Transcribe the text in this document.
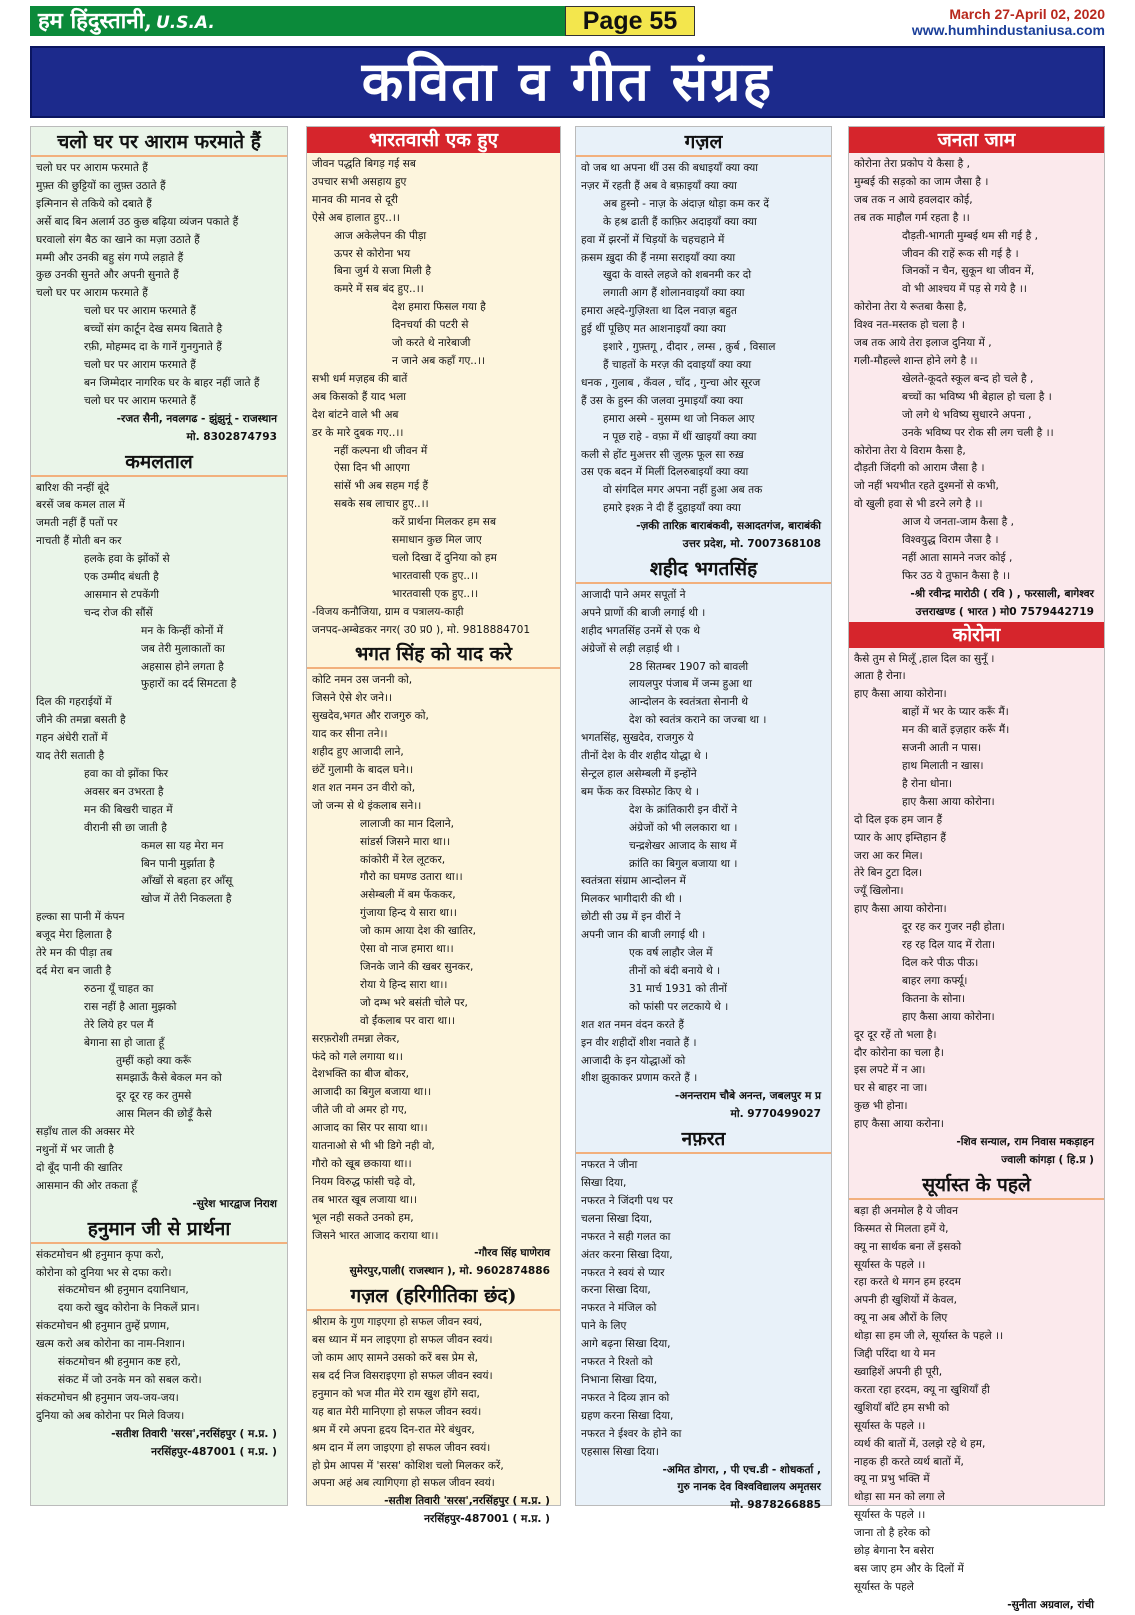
हम हिंदुस्तानी, U.S.A.	Page 55	March 27-April 02, 2020
www.humhindustaniusa.com
कविता व गीत संग्रह
चलो घर पर आराम फरमाते हैं
चलो घर पर आराम फरमाते हैं
मुफ़्त की छुट्टियों का लुफ़्त उठाते हैं
इत्मिनान से तकिये को दबाते हैं
अर्से बाद बिन अलार्म उठ कुछ बढ़िया व्यंजन पकाते हैं
घरवालो संग बैठ का खाने का मज़ा उठाते हैं
मम्मी और उनकी बहु संग गप्पे लड़ाते हैं
कुछ उनकी सुनते और अपनी सुनाते हैं
चलो घर पर आराम फरमाते हैं
चलो घर पर आराम फरमाते हैं
बच्चों संग कार्टून देख समय बिताते है
रफ़ी, मोहम्मद दा के गानें गुनगुनाते हैं
चलो घर पर आराम फरमाते हैं
बन जिम्मेदार नागरिक घर के बाहर नहीं जाते हैं
चलो घर पर आराम फरमाते हैं
-रजत सैनी, नवलगढ - झुंझुनूं - राजस्थान
मो. 8302874793
कमलताल
बारिश की नन्हीं बूंदे
बरसें जब कमल ताल में
जमती नहीं हैं पतों पर
नाचती हैं मोती बन कर
हलके हवा के झोंकों से
एक उम्मीद बंधती है
आसमान से टपकेंगी
चन्द रोज की सौंसें
मन के किन्हीं कोनों में
जब तेरी मुलाकातों का
अहसास होने लगता है
फुहारों का दर्द सिमटता है
दिल की गहराईयों में
जीने की तमन्ना बसती है
गहन अंधेरी रातों में
याद तेरी सताती है
हवा का वो झोंका फिर
अवसर बन उभरता है
मन की बिखरी चाहत में
वीरानी सी छा जाती है
कमल सा यह मेरा मन
बिन पानी मुर्झाता है
आँखों से बहता हर आँसू
खोज में तेरी निकलता है
हल्का सा पानी में कंपन
बजूद मेरा हिलाता है
तेरे मन की पीड़ा तब
दर्द मेरा बन जाती है
रुठना यूँ चाहत का
रास नहीं है आता मुझको
तेरे लिये हर पल मैं
बेगाना सा हो जाता हूँ
तुम्हीं कहो क्या करूँ
समझाऊँ कैसे बेकल मन को
दूर दूर रह कर तुमसे
आस मिलन की छोड़ूँ कैसे
सड़ाँध ताल की अक्सर मेरे
नथुनों में भर जाती है
दो बूँद पानी की खातिर
आसमान की ओर तकता हूँ
-सुरेश भारद्वाज निराश
हनुमान जी से प्रार्थना
संकटमोचन श्री हनुमान कृपा करो,
कोरोना को दुनिया भर से दफा करो।
संकटमोचन श्री हनुमान दयानिधान,
दया करो खुद कोरोना के निकलें प्रान।
संकटमोचन श्री हनुमान तुम्हें प्रणाम,
खत्म करो अब कोरोना का नाम-निशान।
संकटमोचन श्री हनुमान कष्ट हरो,
संकट में जो उनके मन को सबल करो।
संकटमोचन श्री हनुमान जय-जय-जय।
दुनिया को अब कोरोना पर मिले विजय।
-सतीश तिवारी 'सरस',नरसिंहपुर ( म.प्र. )
नरसिंहपुर-487001 ( म.प्र. )
भारतवासी एक हुए
जीवन पद्धति बिगड़ गई सब
उपचार सभी असहाय हुए
मानव की मानव से दूरी
ऐसे अब हालात हुए..।।
आज अकेलेपन की पीड़ा
ऊपर से कोरोना भय
बिना जुर्म ये सजा मिली है
कमरे में सब बंद हुए..।।
देश हमारा फिसल गया है
दिनचर्या की पटरी से
जो करते थे नारेबाजी
न जाने अब कहाँ गए..।।
सभी धर्म मज़हब की बातें
अब किसको हैं याद भला
देश बांटने वाले भी अब
डर के मारे दुबक गए..।।
नहीं कल्पना थी जीवन में
ऐसा दिन भी आएगा
सांसें भी अब सहम गई हैं
सबके सब लाचार हुए..।।
करें प्रार्थना मिलकर हम सब
समाधान कुछ मिल जाए
चलो दिखा दें दुनिया को हम
भारतवासी एक हुए..।।
भारतवासी एक हुए..।।
-विजय कनौजिया, ग्राम व पत्रालय-काही
जनपद-अम्बेडकर नगर( उ0 प्र0 ), मो. 9818884701
भगत सिंह को याद करे
कोटि नमन उस जननी को,
जिसने ऐसे शेर जने।।
सुखदेव,भगत और राजगुरु को,
याद कर सीना तने।।
शहीद हुए आजादी लाने,
छंटें गुलामी के बादल घने।।
शत शत नमन उन वीरो को,
जो जन्म से थे इंकलाब सने।।
लालाजी का मान दिलाने,
सांडर्स जिसने मारा था।।
कांकोरी में रेल लूटकर,
गौरो का घमण्ड उतारा था।।
असेम्बली में बम फेंककर,
गुंजाया हिन्द ये सारा था।।
जो काम आया देश की खातिर,
ऐसा वो नाज हमारा था।।
जिनके जाने की खबर सुनकर,
रोया ये हिन्द सारा था।।
जो दम्भ भरे बसंती चोले पर,
वो ईंकलाब पर वारा था।।
सरफ़रोशी तमन्ना लेकर,
फंदे को गले लगाया थ।।
देशभक्ति का बीज बोकर,
आजादी का बिगुल बजाया था।।
जीते जी वो अमर हो गए,
आजाद का सिर पर साया था।।
यातनाओ से भी भी डिगे नही वो,
गौरो को खूब छकाया था।।
नियम विरुद्ध फांसी चढ़े वो,
तब भारत खूब लजाया था।।
भूल नही सकते उनको हम,
जिसने भारत आजाद कराया था।।
-गौरव सिंह घाणेराव
सुमेरपुर,पाली( राजस्थान ), मो. 9602874886
गज़ल (हरिगीतिका छंद)
श्रीराम के गुण गाइएगा हो सफल जीवन स्वयं,
बस ध्यान में मन लाइएगा हो सफल जीवन स्वयं।
जो काम आए सामने उसको करें बस प्रेम से,
सब दर्द निज विसराइएगा हो सफल जीवन स्वयं।
हनुमान को भज मीत मेरे राम खुश होंगे सदा,
यह बात मेरी मानिएगा हो सफल जीवन स्वयं।
श्रम में रमे अपना हृदय दिन-रात मेरे बंधुवर,
श्रम दान में लग जाइएगा हो सफल जीवन स्वयं।
हो प्रेम आपस में 'सरस' कोशिश चलो मिलकर करें,
अपना अहं अब त्यागिएगा हो सफल जीवन स्वयं।
-सतीश तिवारी 'सरस',नरसिंहपुर ( म.प्र. )
नरसिंहपुर-487001 ( म.प्र. )
गज़ल
वो जब था अपना थीं उस की बधाइयाँ क्या क्या
नज़र में रहती हैं अब वे बफ़ाइयाँ क्या क्या
अब हुस्नो - नाज़ के अंदाज़ थोड़ा कम कर दें
के हश्र ढाती हैं काफ़िर अदाइयाँ क्या क्या
हवा में झरनों में चिड़यों के चहचहाने में
क़सम ख़ुदा की हैं नग़्मा सराइयाँ क्या क्या
खुदा के वास्ते लहजे को शबनमी कर दो
लगाती आग हैं शोलानवाइयाँ क्या क्या
हमारा अह्दे-गुज़िश्ता था दिल नवाज़ बहुत
हुई थीं पूछिए मत आशनाइयाँ क्या क्या
इशारे , गुफ़्तगू , दीदार , लम्स , क़ुर्ब , विसाल
हैं चाहतों के मरज़ की दवाइयाँ क्या क्या
धनक , गुलाब , कँवल , चाँद , गुन्चा ओर सूरज
हैं उस के हुस्न की जलवा नुमाइयाँ क्या क्या
हमारा अस्मे - मुसम्म था जो निकल आए
न पूछ राहे - वफ़ा में थीं खाइयाँ क्या क्या
कली से होंट मुअत्तर सी ज़ुल्फ़ फूल सा रुख़
उस एक बदन में मिलीं दिलरुबाइयाँ क्या क्या
वो संगदिल मगर अपना नहीं हुआ अब तक
हमारे इश्क़ ने दी हैं दुहाइयाँ क्या क्या
-ज़की तारिक़ बाराबंकवी, सआदतगंज, बाराबंकी
उत्तर प्रदेश, मो. 7007368108
शहीद भगतसिंह
आजादी पाने अमर सपूतों ने
अपने प्राणों की बाजी लगाई थी ।
शहीद भगतसिंह उनमें से एक थे
अंग्रेजों से लड़ी लड़ाई थी ।
28 सितम्बर 1907 को बावली
लायलपुर पंजाब में जन्म हुआ था
आन्दोलन के स्वतंत्रता सेनानी थे
देश को स्वतंत्र कराने का जज्बा था ।
भगतसिंह, सुखदेव, राजगुरु ये
तीनों देश के वीर शहीद योद्धा थे ।
सेन्ट्रल हाल असेम्बली में इन्होंने
बम फेंक कर विस्फोट किए थे ।
देश के क्रांतिकारी इन वीरों ने
अंग्रेजों को भी ललकारा था ।
चन्द्रशेखर आजाद के साथ में
क्रांति का बिगुल बजाया था ।
स्वतंत्रता संग्राम आन्दोलन में
मिलकर भागीदारी की थी ।
छोटी सी उम्र में इन वीरों ने
अपनी जान की बाजी लगाई थी ।
एक वर्ष लाहौर जेल में
तीनों को बंदी बनाये थे ।
31 मार्च 1931 को तीनों
को फांसी पर लटकाये थे ।
शत शत नमन वंदन करते हैं
इन वीर शहीदों शीश नवाते हैं ।
आजादी के इन योद्धाओं को
शीश झुकाकर प्रणाम करते हैं ।
-अनन्तराम चौबे अनन्त, जबलपुर म प्र
मो. 9770499027
नफ़रत
नफरत ने जीना
सिखा दिया,
नफरत ने जिंदगी पथ पर
चलना सिखा दिया,
नफरत ने सही गलत का
अंतर करना सिखा दिया,
नफरत ने स्वयं से प्यार
करना सिखा दिया,
नफरत ने मंजिल को
पाने के लिए
आगे बढ़ना सिखा दिया,
नफरत ने रिश्तो को
निभाना सिखा दिया,
नफरत ने दिव्य ज्ञान को
ग्रहण करना सिखा दिया,
नफरत ने ईश्वर के होने का
एहसास सिखा दिया।
-अमित डोगरा, , पी एच.डी - शोधकर्ता ,
गुरु नानक देव विश्वविद्यालय अमृतसर
मो. 9878266885
जनता जाम
कोरोना तेरा प्रकोप ये कैसा है ,
मुम्बई की सड़को का जाम जैसा है ।
जब तक न आये हवलदार कोई,
तब तक माहौल गर्म रहता है ।।
दौड़ती-भागती मुम्बई थम सी गई है ,
जीवन की राहें रूक सी गई है ।
जिनकों न चैन, सुकून था जीवन में,
वो भी आश्चय में पड़ से गये है ।।
कोरोना तेरा ये रूतबा कैसा है,
विश्व नत-मस्तक हो चला है ।
जब तक आये तेरा इलाज दुनिया में ,
गली-मौहल्ले शान्त होने लगे है ।।
खेलते-कूदते स्कूल बन्द हो चले है ,
बच्चों का भविष्य भी बेहाल हो चला है ।
जो लगे थे भविष्य सुधारने अपना ,
उनके भविष्य पर रोक सी लग चली है ।।
कोरोना तेरा ये विराम कैसा है,
दौड़ती जिंदगी को आराम जैसा है ।
जो नहीं भयभीत रहते दुश्मनों से कभी,
वो खुली हवा से भी डरने लगे है ।।
आज ये जनता-जाम कैसा है ,
विश्वयुद्ध विराम जैसा है ।
नहीं आता सामने नजर कोई ,
फिर उठ ये तुफान कैसा है ।।
-श्री रवीन्द्र मारोठी ( रवि ) , फरसाली, बागेश्वर
उत्तराखण्ड ( भारत ) मो0 7579442719
कोरोना
कैसे तुम से मिलूँ ,हाल दिल का सुनूँ ।
आता है रोना।
हाए कैसा आया कोरोना।
बाहों में भर के प्यार करूँ मैं।
मन की बातें इज़हार करूँ मैं।
सजनी आती न पास।
हाथ मिलाती न खास।
है रोना धोना।
हाए कैसा आया कोरोना।
दो दिल इक हम जान हैं
प्यार के आए इम्तिहान हैं
जरा आ कर मिल।
तेरे बिन टुटा दिल।
ज्यूँ खिलोना।
हाए कैसा आया कोरोना।
दूर रह कर गुजर नही होता।
रह रह दिल याद में रोता।
दिल करे पीऊ पीऊ।
बाहर लगा कर्फ्यू।
कितना के सोना।
हाए कैसा आया कोरोना।
दूर दूर रहें तो भला है।
दौर कोरोना का चला है।
इस लपटे में न आ।
घर से बाहर ना जा।
कुछ भी होना।
हाए कैसा आया करोना।
-शिव सन्याल, राम निवास मकड़ाहन
ज्वाली कांगड़ा ( हि.प्र )
सूर्यास्त के पहले
बड़ा ही अनमोल है ये जीवन
किस्मत से मिलता हमें ये,
क्यू ना सार्थक बना लें इसको
सूर्यास्त के पहले ।।
रहा करते थे मगन हम हरदम
अपनी ही खुशियों में केवल,
क्यू ना अब औरों के लिए
थोड़ा सा हम जी ले, सूर्यास्त के पहले ।।
जिद्दी परिंदा था ये मन
ख्वाहिशें अपनी ही पूरी,
करता रहा हरदम, क्यू ना खुशियाँ ही
खुशियाँ बाँटे हम सभी को
सूर्यास्त के पहले ।।
व्यर्थ की बातों में, उलझे रहे थे हम,
नाहक ही करते व्यर्थ बातों में,
क्यू ना प्रभु भक्ति में
थोड़ा सा मन को लगा ले
सूर्यास्त के पहले ।।
जाना तो है हरेक को
छोड़ बेगाना रैन बसेरा
बस जाए हम और के दिलों में
सूर्यास्त के पहले
-सुनीता अग्रवाल, रांची
